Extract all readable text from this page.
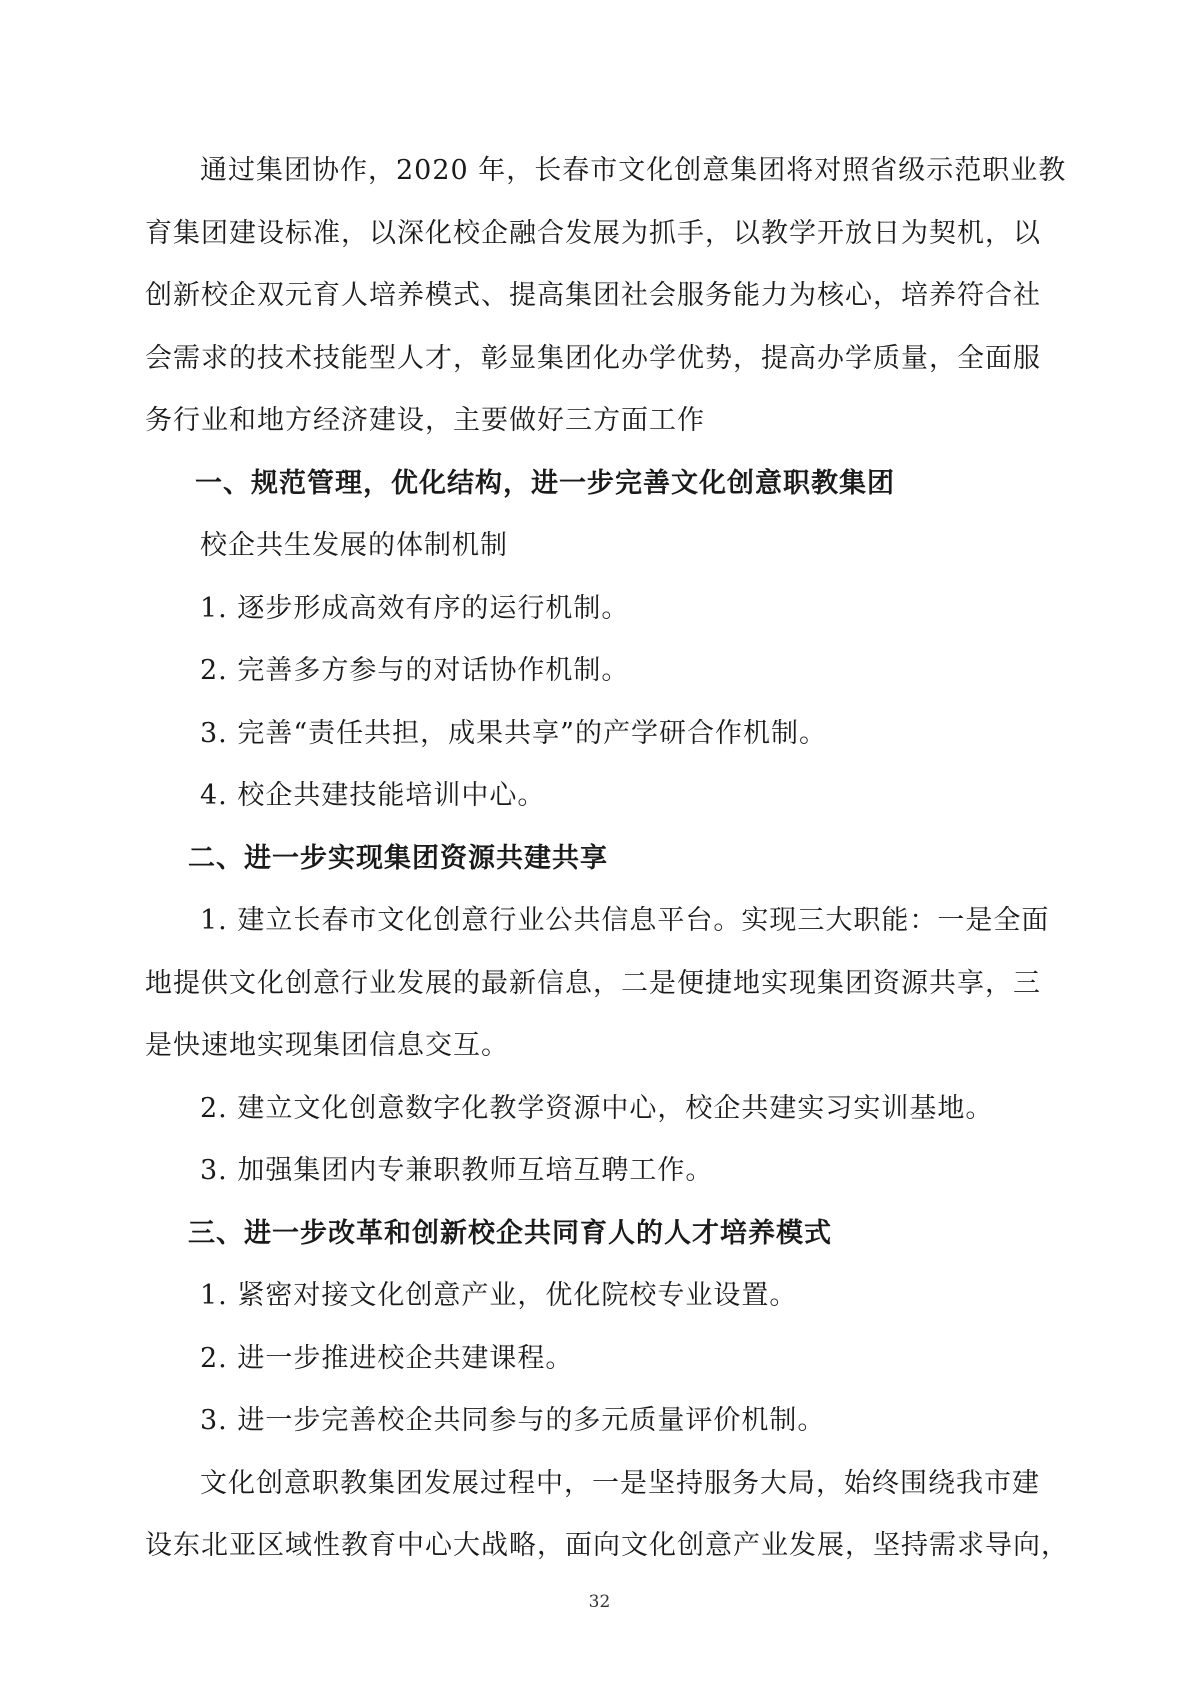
通过集团协作，2020 年，长春市文化创意集团将对照省级示范职业教
育集团建设标准，以深化校企融合发展为抓手，以教学开放日为契机，以
创新校企双元育人培养模式、提高集团社会服务能力为核心，培养符合社
会需求的技术技能型人才，彰显集团化办学优势，提高办学质量，全面服
务行业和地方经济建设，主要做好三方面工作
一、规范管理，优化结构，进一步完善文化创意职教集团
校企共生发展的体制机制
1. 逐步形成高效有序的运行机制。
2. 完善多方参与的对话协作机制。
3. 完善“责任共担，成果共享”的产学研合作机制。
4. 校企共建技能培训中心。
二、进一步实现集团资源共建共享
1. 建立长春市文化创意行业公共信息平台。实现三大职能：一是全面
地提供文化创意行业发展的最新信息，二是便捷地实现集团资源共享，三
是快速地实现集团信息交互。
2. 建立文化创意数字化教学资源中心，校企共建实习实训基地。
3. 加强集团内专兼职教师互培互聘工作。
三、进一步改革和创新校企共同育人的人才培养模式
1. 紧密对接文化创意产业，优化院校专业设置。
2. 进一步推进校企共建课程。
3. 进一步完善校企共同参与的多元质量评价机制。
文化创意职教集团发展过程中，一是坚持服务大局，始终围绕我市建
设东北亚区域性教育中心大战略，面向文化创意产业发展，坚持需求导向，
32
